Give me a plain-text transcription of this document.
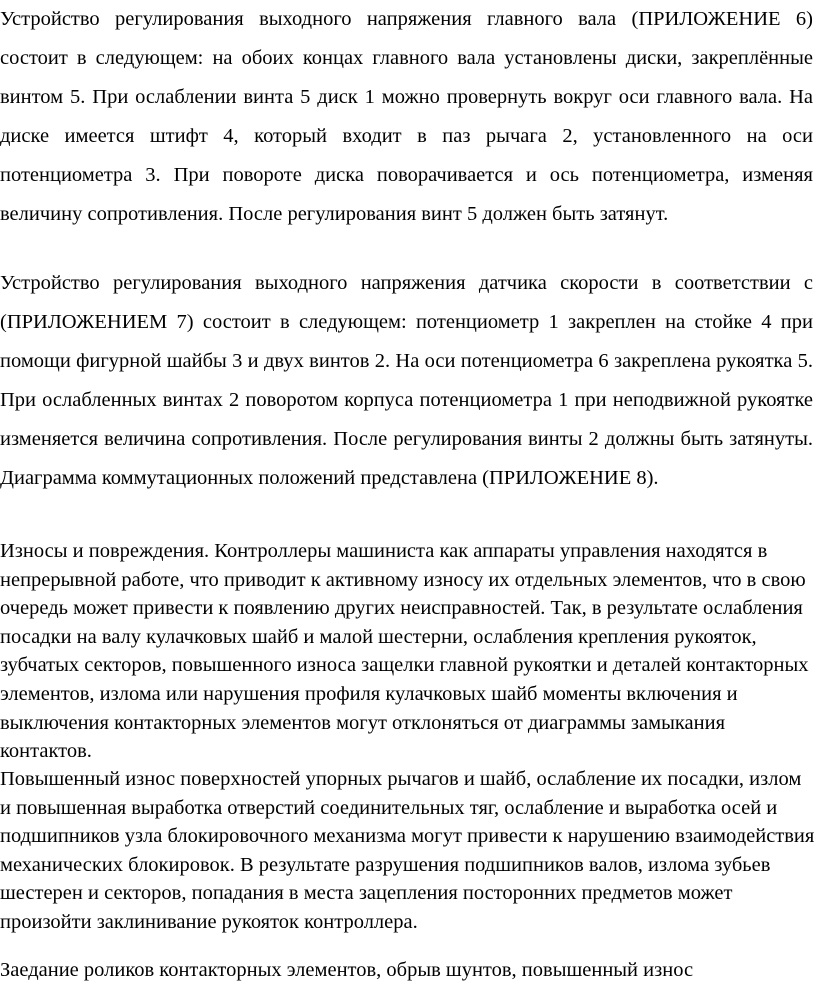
Устройство регулирования выходного напряжения главного вала (ПРИЛОЖЕНИЕ 6) состоит в следующем: на обоих концах главного вала установлены диски, закреплённые винтом 5. При ослаблении винта 5 диск 1 можно провернуть вокруг оси главного вала. На диске имеется штифт 4, который входит в паз рычага 2, установленного на оси потенциометра 3. При повороте диска поворачивается и ось потенциометра, изменяя величину сопротивления. После регулирования винт 5 должен быть затянут.

Устройство регулирования выходного напряжения датчика скорости в соответствии с (ПРИЛОЖЕНИЕМ 7) состоит в следующем: потенциометр 1 закреплен на стойке 4 при помощи фигурной шайбы 3 и двух винтов 2. На оси потенциометра 6 закреплена рукоятка 5. При ослабленных винтах 2 поворотом корпуса потенциометра 1 при неподвижной рукоятке изменяется величина сопротивления. После регулирования винты 2 должны быть затянуты. Диаграмма коммутационных положений представлена (ПРИЛОЖЕНИЕ 8).

Износы и повреждения. Контроллеры машиниста как аппараты управления находятся в непрерывной работе, что приводит к активному износу их отдельных элементов, что в свою очередь может привести к появлению других неисправностей. Так, в результате ослабления посадки на валу кулачковых шайб и малой шестерни, ослабления крепления рукояток, зубчатых секторов, повышенного износа защелки главной рукоятки и деталей контакторных элементов, излома или нарушения профиля кулачковых шайб моменты включения и выключения контакторных элементов могут отклоняться от диаграммы замыкания контактов.

Повышенный износ поверхностей упорных рычагов и шайб, ослабление их посадки, излом и повышенная выработка отверстий соединительных тяг, ослабление и выработка осей и подшипников узла блокировочного механизма могут привести к нарушению взаимодействия механических блокировок. В результате разрушения подшипников валов, излома зубьев шестерен и секторов, попадания в места зацепления посторонних предметов может произойти заклинивание рукояток контроллера.

Заедание роликов контакторных элементов, обрыв шунтов, повышенный износ
